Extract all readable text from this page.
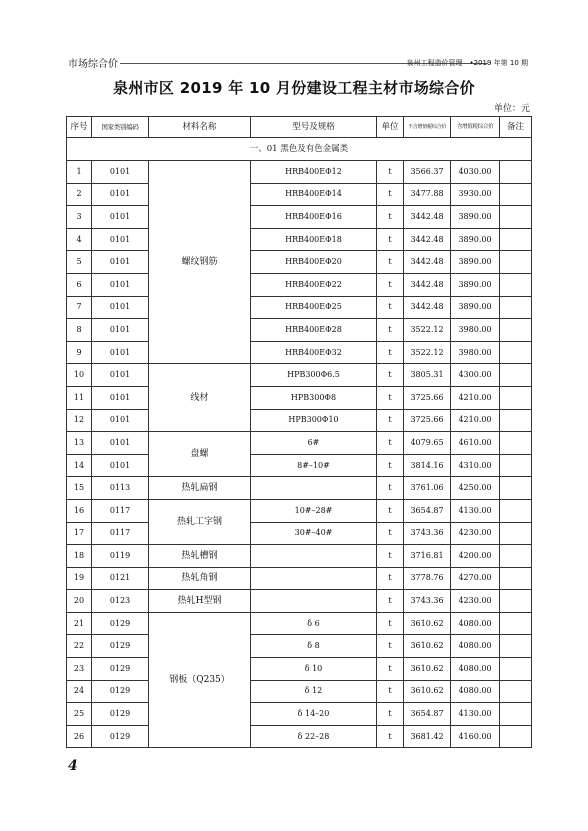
市场综合价	泉州工程造价管理　•2019 年第 10 期
泉州市区 2019 年 10 月份建设工程主材市场综合价
单位：元
序号	国家类别编码	材料名称	型号及规格	单位	不含增值税综合价	含增值税综合价	备注
一、01 黑色及有色金属类							
1	0101	螺纹钢筋	HRB400EΦ12	t	3566.37	4030.00	
2	0101		HRB400EΦ14	t	3477.88	3930.00	
3	0101		HRB400EΦ16	t	3442.48	3890.00	
4	0101		HRB400EΦ18	t	3442.48	3890.00	
5	0101		HRB400EΦ20	t	3442.48	3890.00	
6	0101		HRB400EΦ22	t	3442.48	3890.00	
7	0101		HRB400EΦ25	t	3442.48	3890.00	
8	0101		HRB400EΦ28	t	3522.12	3980.00	
9	0101		HRB400EΦ32	t	3522.12	3980.00	
10	0101	线材	HPB300Φ6.5	t	3805.31	4300.00	
11	0101		HPB300Φ8	t	3725.66	4210.00	
12	0101		HPB300Φ10	t	3725.66	4210.00	
13	0101	盘螺	6#	t	4079.65	4610.00	
14	0101		8#–10#	t	3814.16	4310.00	
15	0113	热轧扁钢		t	3761.06	4250.00	
16	0117	热轧工字钢	10#–28#	t	3654.87	4130.00	
17	0117		30#–40#	t	3743.36	4230.00	
18	0119	热轧槽钢		t	3716.81	4200.00	
19	0121	热轧角钢		t	3778.76	4270.00	
20	0123	热轧H型钢		t	3743.36	4230.00	
21	0129	钢板（Q235）	δ 6	t	3610.62	4080.00	
22	0129		δ 8	t	3610.62	4080.00	
23	0129		δ 10	t	3610.62	4080.00	
24	0129		δ 12	t	3610.62	4080.00	
25	0129		δ 14–20	t	3654.87	4130.00	
26	0129		δ 22–28	t	3681.42	4160.00	
4
